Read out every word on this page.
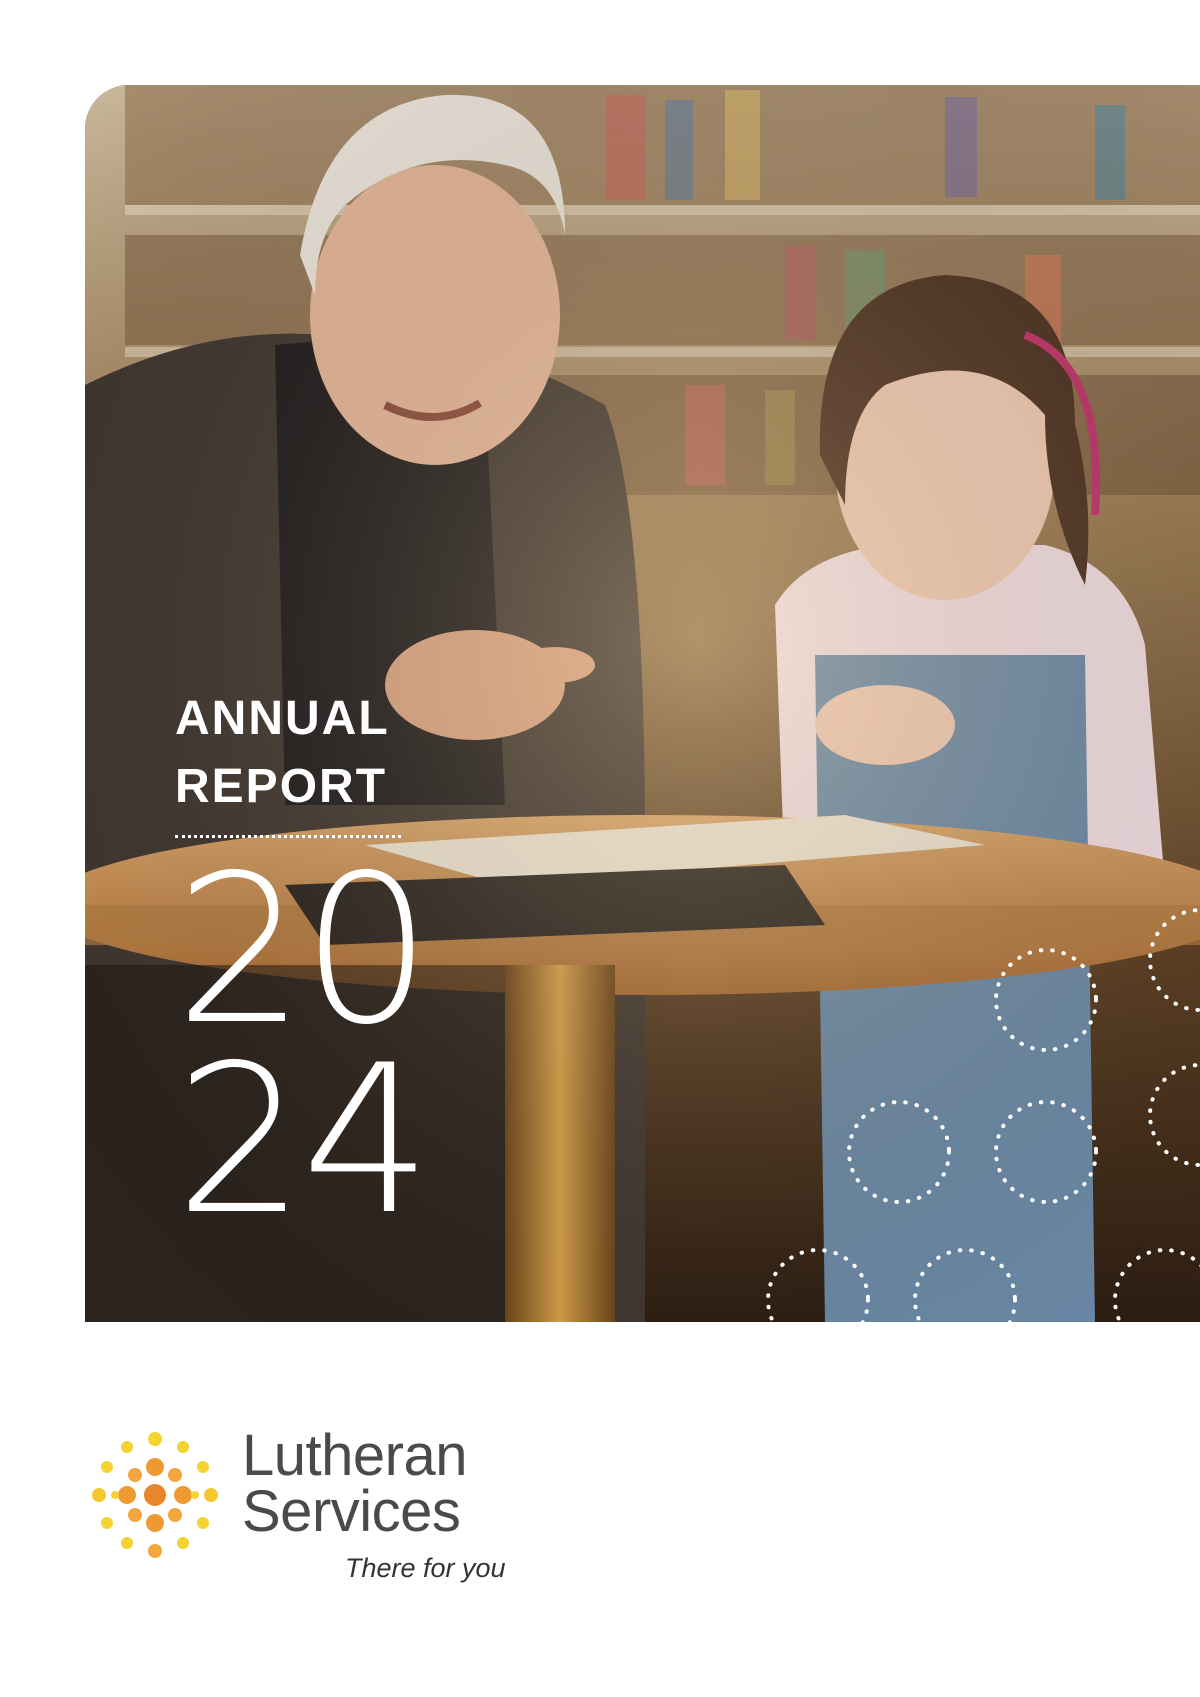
ANNUAL
REPORT
20
24
Lutheran
Services
There for you
